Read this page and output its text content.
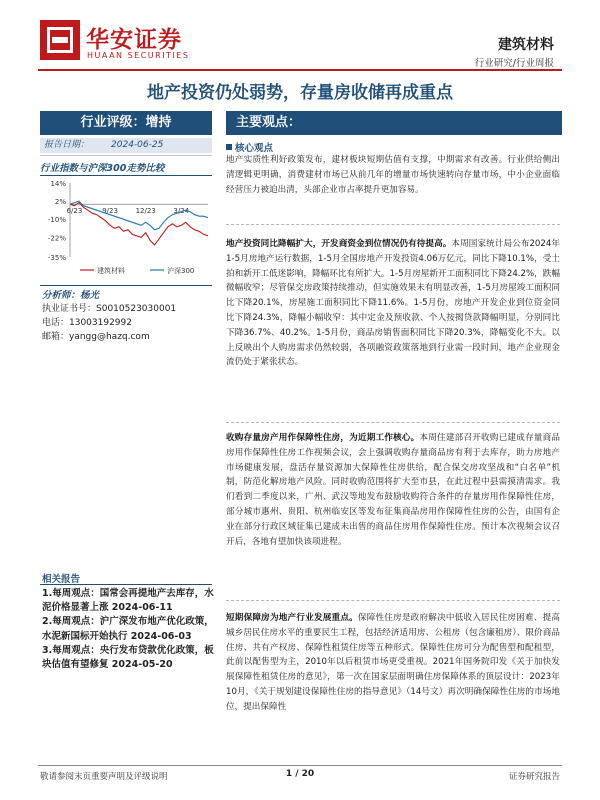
华安证券
HUAAN SECURITIES
建筑材料
行业研究/行业周报
地产投资仍处弱势，存量房收储再成重点
行业评级：增持
报告日期： 2024-06-25
行业指数与沪深300走势比较
14%
2%
-10%
-22%
-35%
6/23	9/23	12/23	3/24
建筑材料	沪深300
分析师：杨光
执业证书号：S0010523030001
电话：13003192992
邮箱：yangg@hazq.com
相关报告
1.每周观点：国常会再提地产去库存，水泥价格显著上涨 2024-06-11
2.每周观点：沪广深发布地产优化政策，水泥新国标开始执行 2024-06-03
3.每周观点：央行发布贷款优化政策，板块估值有望修复 2024-05-20
主要观点：
核心观点
地产实质性利好政策发布，建材板块短期估值有支撑，中期需求有改善。行业供给侧出清逻辑更明确，消费建材市场已从前几年的增量市场快速转向存量市场，中小企业面临经营压力被迫出清，头部企业市占率提升更加容易。
地产投资同比降幅扩大，开发商资金到位情况仍有待提高。本周国家统计局公布2024年1-5月房地产运行数据，1-5月全国房地产开发投资4.06万亿元，同比下降10.1%，受土拍和新开工低迷影响，降幅环比有所扩大。1-5月房屋新开工面积同比下降24.2%，跌幅微幅收窄；尽管保交房政策持续推动，但实施效果未有明显改善，1-5月房屋竣工面积同比下降20.1%，房屋施工面积同比下降11.6%。1-5月份，房地产开发企业到位资金同比下降24.3%，降幅小幅收窄：其中定金及预收款、个人按揭贷款降幅明显，分别同比下降36.7%、40.2%。1-5月份，商品房销售面积同比下降20.3%，降幅变化不大。以上反映出个人购房需求仍然较弱，各项融资政策落地到行业需一段时间，地产企业现金流仍处于紧张状态。
收购存量房产用作保障性住房，为近期工作核心。本周住建部召开收购已建成存量商品房用作保障性住房工作视频会议，会上强调收购存量商品房有利于去库存，助力房地产市场健康发展，盘活存量资源加大保障性住房供给，配合保交房攻坚战和“白名单”机制，防范化解房地产风险。同时收购范围将扩大至市县，在此过程中县需摸清需求。我们看到二季度以来，广州、武汉等地发布鼓励收购符合条件的存量房用作保障性住房，部分城市惠州、贵阳、杭州临安区等发布征集商品房用作保障性住房的公告，由国有企业在部分行政区域征集已建成未出售的商品住房用作保障性住房。预计本次视频会议召开后，各地有望加快该项进程。
短期保障房为地产行业发展重点。保障性住房是政府解决中低收入居民住房困难、提高城乡居民住房水平的重要民生工程，包括经济适用房、公租房（包含廉租房）、限价商品住房、共有产权房、保障性租赁住房等五种形式。保障性住房可分为配售型和配租型，此前以配售型为主，2010年以后租赁市场更受重视。2021年国务院印发《关于加快发展保障性租赁住房的意见》，第一次在国家层面明确住房保障体系的顶层设计：2023年10月，《关于规划建设保障性住房的指导意见》（14号文）再次明确保障性住房的市场地位，提出保障性
敬请参阅末页重要声明及评级说明	1 / 20	证券研究报告
